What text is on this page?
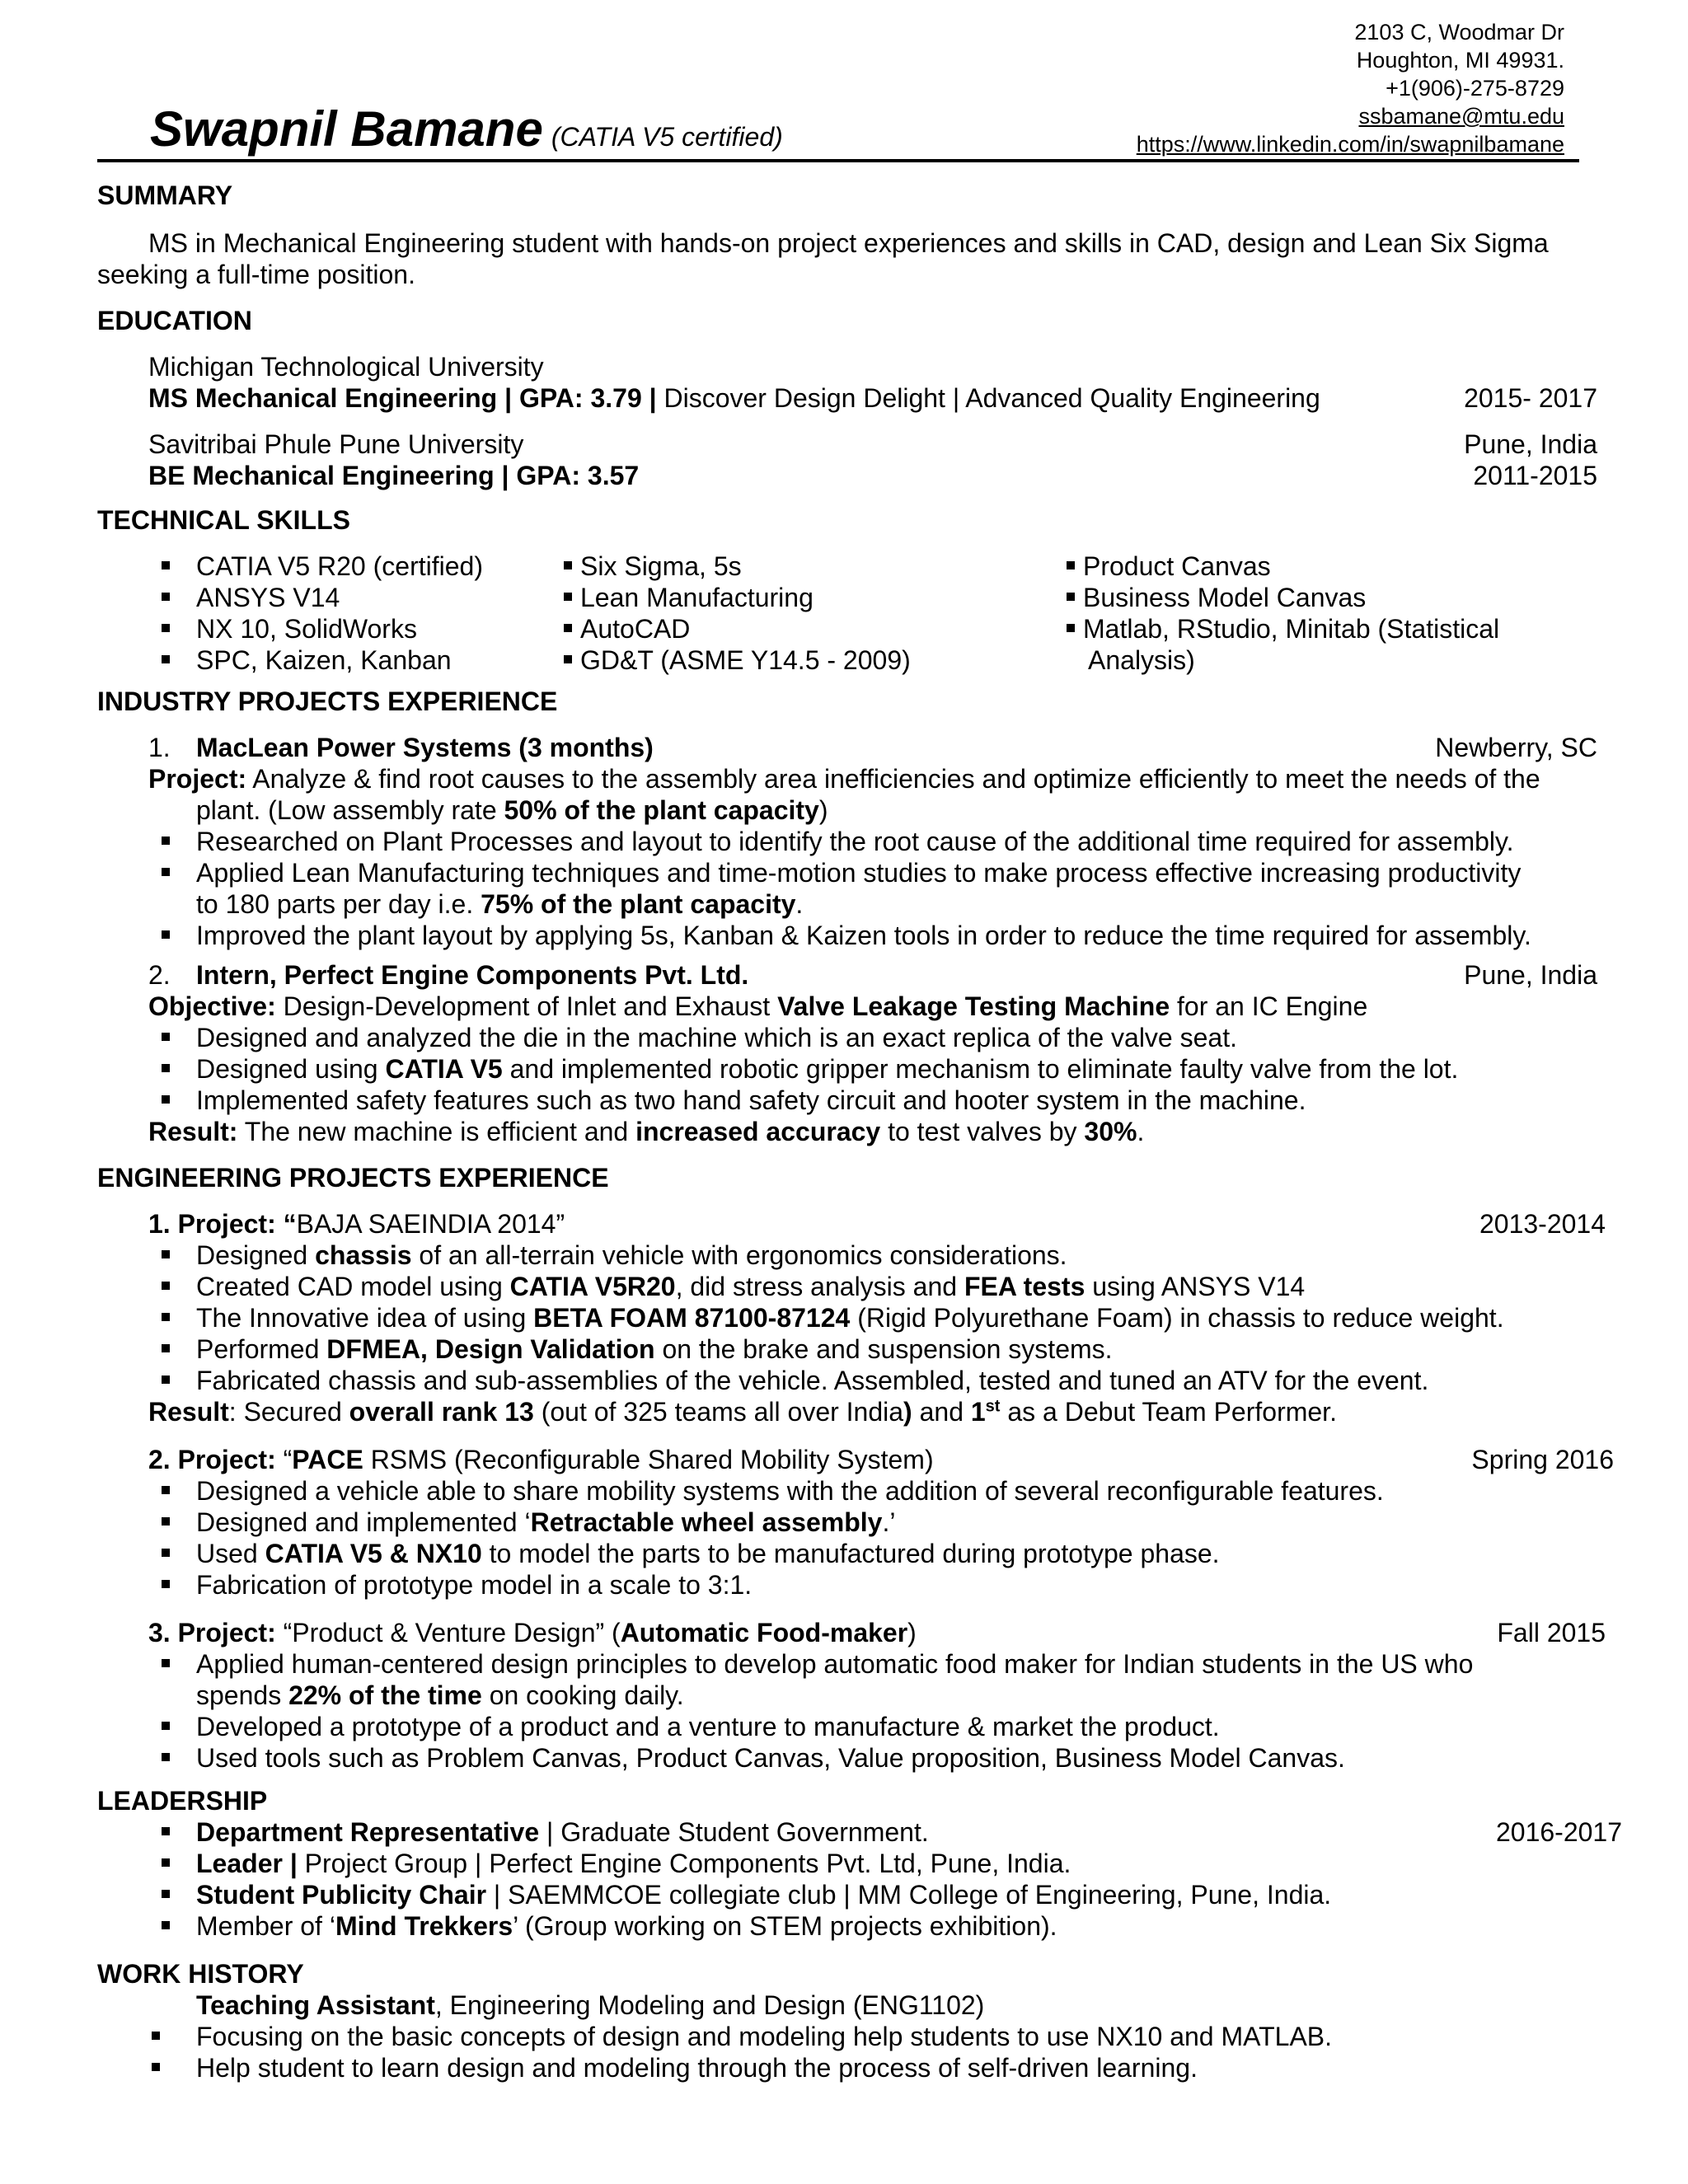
2103 C, Woodmar Dr
Houghton, MI 49931.
+1(906)-275-8729
ssbamane@mtu.edu
https://www.linkedin.com/in/swapnilbamane
Swapnil Bamane (CATIA V5 certified)
SUMMARY
MS in Mechanical Engineering student with hands-on project experiences and skills in CAD, design and Lean Six Sigma
seeking a full-time position.
EDUCATION
Michigan Technological University
MS Mechanical Engineering | GPA: 3.79 | Discover Design Delight | Advanced Quality Engineering	2015- 2017
Savitribai Phule Pune University	Pune, India
BE Mechanical Engineering | GPA: 3.57	2011-2015
TECHNICAL SKILLS
CATIA V5 R20 (certified)
ANSYS V14
NX 10, SolidWorks
SPC, Kaizen, Kanban
Six Sigma, 5s
Lean Manufacturing
AutoCAD
GD&T (ASME Y14.5 - 2009)
Product Canvas
Business Model Canvas
Matlab, RStudio, Minitab (Statistical
Analysis)
INDUSTRY PROJECTS EXPERIENCE
1. MacLean Power Systems (3 months)	Newberry, SC
Project: Analyze & find root causes to the assembly area inefficiencies and optimize efficiently to meet the needs of the
plant. (Low assembly rate 50% of the plant capacity)
Researched on Plant Processes and layout to identify the root cause of the additional time required for assembly.
Applied Lean Manufacturing techniques and time-motion studies to make process effective increasing productivity
to 180 parts per day i.e. 75% of the plant capacity.
Improved the plant layout by applying 5s, Kanban & Kaizen tools in order to reduce the time required for assembly.
2. Intern, Perfect Engine Components Pvt. Ltd.	Pune, India
Objective: Design-Development of Inlet and Exhaust Valve Leakage Testing Machine for an IC Engine
Designed and analyzed the die in the machine which is an exact replica of the valve seat.
Designed using CATIA V5 and implemented robotic gripper mechanism to eliminate faulty valve from the lot.
Implemented safety features such as two hand safety circuit and hooter system in the machine.
Result: The new machine is efficient and increased accuracy to test valves by 30%.
ENGINEERING PROJECTS EXPERIENCE
1. Project: “BAJA SAEINDIA 2014”	2013-2014
Designed chassis of an all-terrain vehicle with ergonomics considerations.
Created CAD model using CATIA V5R20, did stress analysis and FEA tests using ANSYS V14
The Innovative idea of using BETA FOAM 87100-87124 (Rigid Polyurethane Foam) in chassis to reduce weight.
Performed DFMEA, Design Validation on the brake and suspension systems.
Fabricated chassis and sub-assemblies of the vehicle. Assembled, tested and tuned an ATV for the event.
Result: Secured overall rank 13 (out of 325 teams all over India) and 1st as a Debut Team Performer.
2. Project: “PACE RSMS (Reconfigurable Shared Mobility System)	Spring 2016
Designed a vehicle able to share mobility systems with the addition of several reconfigurable features.
Designed and implemented ‘Retractable wheel assembly.’
Used CATIA V5 & NX10 to model the parts to be manufactured during prototype phase.
Fabrication of prototype model in a scale to 3:1.
3. Project: “Product & Venture Design” (Automatic Food-maker)	Fall 2015
Applied human-centered design principles to develop automatic food maker for Indian students in the US who
spends 22% of the time on cooking daily.
Developed a prototype of a product and a venture to manufacture & market the product.
Used tools such as Problem Canvas, Product Canvas, Value proposition, Business Model Canvas.
LEADERSHIP
Department Representative | Graduate Student Government.	2016-2017
Leader | Project Group | Perfect Engine Components Pvt. Ltd, Pune, India.
Student Publicity Chair | SAEMMCOE collegiate club | MM College of Engineering, Pune, India.
Member of ‘Mind Trekkers’ (Group working on STEM projects exhibition).
WORK HISTORY
Teaching Assistant, Engineering Modeling and Design (ENG1102)
Focusing on the basic concepts of design and modeling help students to use NX10 and MATLAB.
Help student to learn design and modeling through the process of self-driven learning.
